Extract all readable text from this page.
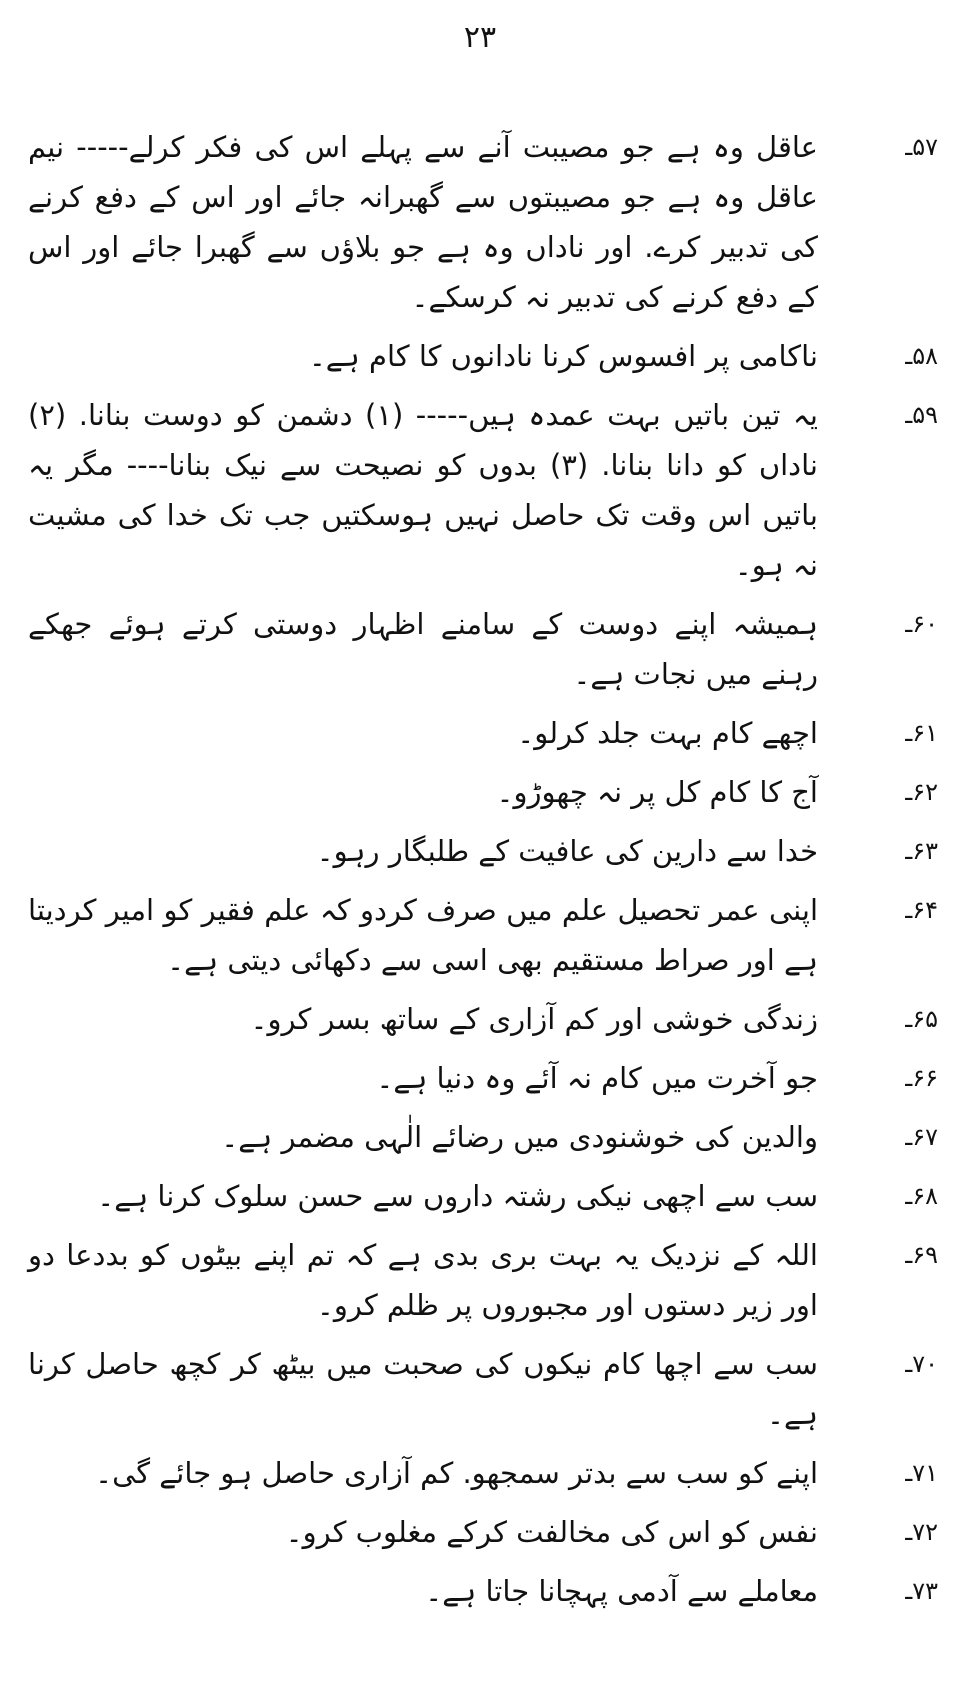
۲۳
۵۷ـ
عاقل وہ ہے جو مصیبت آنے سے پہلے اس کی فکر کرلے----- نیم عاقل وہ ہے جو مصیبتوں سے گھبرانہ جائے اور اس کے دفع کرنے کی تدبیر کرے. اور ناداں وہ ہے جو بلاؤں سے گھبرا جائے اور اس کے دفع کرنے کی تدبیر نہ کرسکے۔
۵۸ـ
ناکامی پر افسوس کرنا نادانوں کا کام ہے۔
۵۹ـ
یہ تین باتیں بہت عمدہ ہیں----- (۱) دشمن کو دوست بنانا. (۲) ناداں کو دانا بنانا. (۳) بدوں کو نصیحت سے نیک بنانا---- مگر یہ باتیں اس وقت تک حاصل نہیں ہوسکتیں جب تک خدا کی مشیت نہ ہو۔
۶۰ـ
ہمیشہ اپنے دوست کے سامنے اظہار دوستی کرتے ہوئے جھکے رہنے میں نجات ہے۔
۶۱ـ
اچھے کام بہت جلد کرلو۔
۶۲ـ
آج کا کام کل پر نہ چھوڑو۔
۶۳ـ
خدا سے دارین کی عافیت کے طلبگار رہو۔
۶۴ـ
اپنی عمر تحصیل علم میں صرف کردو کہ علم فقیر کو امیر کردیتا ہے اور صراط مستقیم بھی اسی سے دکھائی دیتی ہے۔
۶۵ـ
زندگی خوشی اور کم آزاری کے ساتھ بسر کرو۔
۶۶ـ
جو آخرت میں کام نہ آئے وہ دنیا ہے۔
۶۷ـ
والدین کی خوشنودی میں رضائے الٰہی مضمر ہے۔
۶۸ـ
سب سے اچھی نیکی رشتہ داروں سے حسن سلوک کرنا ہے۔
۶۹ـ
اللہ کے نزدیک یہ بہت بری بدی ہے کہ تم اپنے بیٹوں کو بددعا دو اور زیر دستوں اور مجبوروں پر ظلم کرو۔
۷۰ـ
سب سے اچھا کام نیکوں کی صحبت میں بیٹھ کر کچھ حاصل کرنا ہے۔
۷۱ـ
اپنے کو سب سے بدتر سمجھو. کم آزاری حاصل ہو جائے گی۔
۷۲ـ
نفس کو اس کی مخالفت کرکے مغلوب کرو۔
۷۳ـ
معاملے سے آدمی پہچانا جاتا ہے۔
